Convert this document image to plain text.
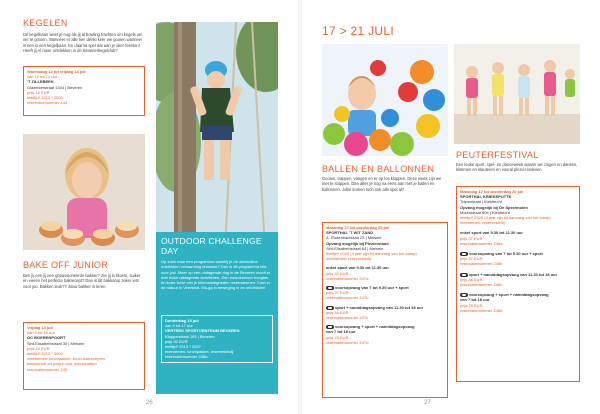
KEGELEN
Dé kegelbaan weet je nog als jij al bowling trachten om kegels om ver te gooien. Wanneer er alle tien dénkt keer we gooien wanneer is een is een kegelbaan. En daarna spel dat aan je oker feesten! Heeft jij Al meer ontdekken in de Bevenerkegelclub?
Woensdag 12 tot vrijdag 14 juli
van 10 tot 12 uur
'T ZILLEBEEK
Glazenierstraat 1344 | Beveren
prijs 12 EUR
leeftijd* 2013 * 2009
reservatienummer Z44
BAKE OFF JUNIOR
Ben jij een jij een gepassioneerde bakker? Zie jij in bloem, suiker en eieren het perfecte bakrecept? Dan is dit bakkamp zeker iets voor jou. Bakken leuk?? Jouw bakker in leren.
Vrijdag 14 juli
van 9 tot 16 uur
OC BOERENPOORT
Sint-Elisabethstraat 30 | Melsele
prijs 15 EUR
leeftijd* 2013 * 2009
meenemen: lunchpakket, broei-bakrecepten,
kookschort en potjes voor overschotten
reservatienummer Z45
OUTDOOR CHALLENGE
DAY
Op zoek naar een programma waarbij je de adrenaline ontdekken verwarming tenmiste? Dan is dit programma iets voor jou! Sfeer op een uitdagende dag in de Beveren wordt er met leuke uitdagende activiteiten. Een boomkruinen hoogtes en korte tocht van je klimvaardigheden ondersteunen. Kom in de natuur in Veerland. Ma-ga in beweging in en ontdekken!
Donderdag 13 juli
van 9 tot 17 uur
VERTREK SPORTCENTRUM BEVEREN
Klapperstraat 165 | Beveren
prijs 32 EUR
leeftijd* 2013 * 2007
meenemen: lunchpakket, reservekledij
reservatienummer Z45a
26
17 > 21 JULI
BALLEN EN BALLONNEN
Gooien, trappen, vangen en er op los kloppen. Deze week zijn we met te stoppen. Dan alles je nog na eens aan met je ballen en ballonnen. Jullie komen toch ook alle spel al?
Maandag 17 tot donderdag 20 juli
SPORTHAL 'T WIT ZAND
A. Rodenbachlaan 23 | Melsele
Opvang mogelijk bij Plezierstand
Sint-Elisabethstraat 64 | Melsele
leeftijd* 2020 (3 jaar zijn bij aanvang van het kamp)
meenemen: reservekledij
enkel sport van 9.30 tot 11.30 uur
prijs 37 EUR
reservatienummer Z47a
voorsopvang van 7 tot 9.30 uur + sport
prijs 37 EUR
reservatienummer Z47b
sport + namiddagsopvang van 11.30 tot 18 uur
prijs 48 EUR
reservatienummer Z47c
voorsopvang + sport + namiddagsopvang
van 7 tot 18 uur
prijs 78 EUR
reservatienummer Z47d
PEUTERFESTIVAL
Een leuke sport, spel- en danceweek waarin we zingen en dansen, klimmen en klauteren en vooral plezier beleven.
Maandag 17 tot donderdag 20 juli
SPORTHAL KRIEKEPUTTE
Tulpenkraal | Kieldrecht
Opvang mogelijk bij De Speelmolen
Molenstraat 60b | Kieldrecht
leeftijd* 2020 (3 jaar zijn bij aanvang van het kamp)
meenemen: reservekledij
enkel sport van 9.30 tot 11.30 uur
prijs 37 EUR
reservatienummer Z48a
voorsopvang van 7 tot 9.30 uur + sport
prijs 37 EUR
reservatienummer Z48b
sport + namiddagsopvang van 11.30 tot 18 uur
prijs 48 EUR
reservatienummer Z48c
voorsopvang + sport + namiddagsopvang
van 7 tot 18 uur
prijs 78 EUR
reservatienummer Z48d
27
